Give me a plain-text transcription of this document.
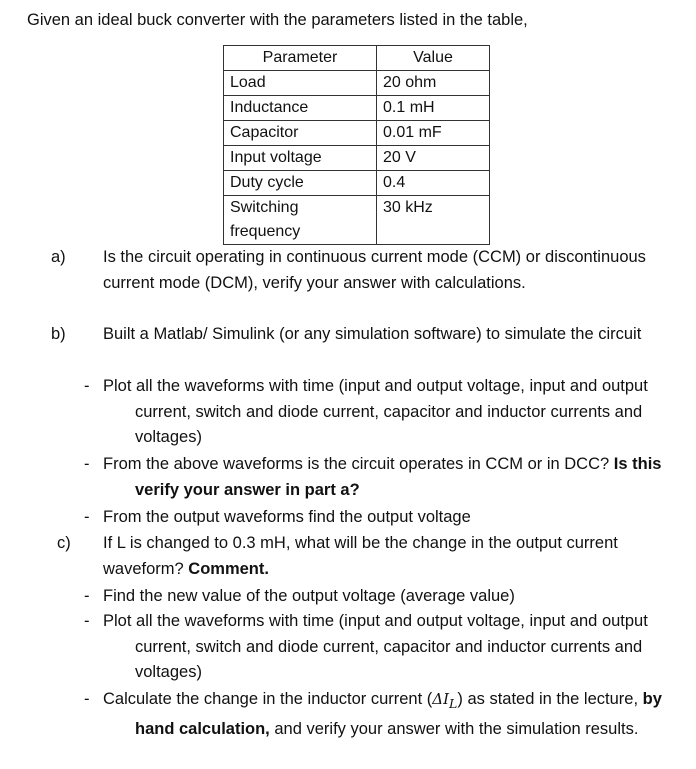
Given an ideal buck converter with the parameters listed in the table,

Parameter	Value
Load	20 ohm
Inductance	0.1 mH
Capacitor	0.01 mF
Input voltage	20 V
Duty cycle	0.4
Switching frequency	30 kHz
a) Is the circuit operating in continuous current mode (CCM) or discontinuous current mode (DCM), verify your answer with calculations.

b) Built a Matlab/ Simulink (or any simulation software) to simulate the circuit

- Plot all the waveforms with time (input and output voltage, input and output current, switch and diode current, capacitor and inductor currents and voltages)

- From the above waveforms is the circuit operates in CCM or in DCC? Is this verify your answer in part a?

- From the output waveforms find the output voltage

c) If L is changed to 0.3 mH, what will be the change in the output current waveform? Comment.

- Find the new value of the output voltage (average value)

- Plot all the waveforms with time (input and output voltage, input and output current, switch and diode current, capacitor and inductor currents and voltages)

- Calculate the change in the inductor current $(\Delta I_L)$ as stated in the lecture, by hand calculation, and verify your answer with the simulation results.
